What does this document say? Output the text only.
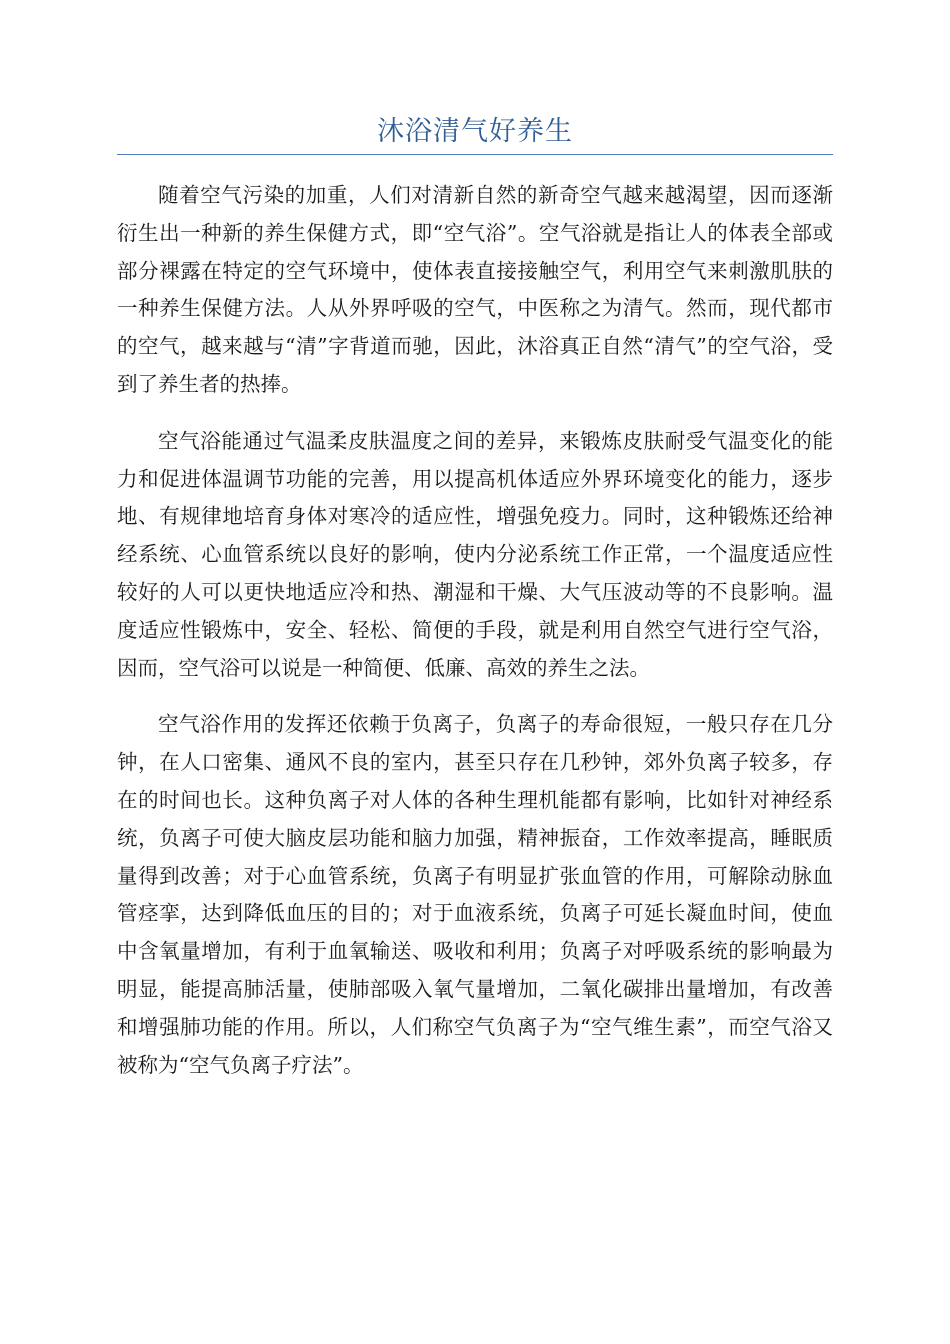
沐浴清气好养生

随着空气污染的加重，人们对清新自然的新奇空气越来越渴望，因而逐渐衍生出一种新的养生保健方式，即“空气浴”。空气浴就是指让人的体表全部或部分裸露在特定的空气环境中，使体表直接接触空气，利用空气来刺激肌肤的一种养生保健方法。人从外界呼吸的空气，中医称之为清气。然而，现代都市的空气，越来越与“清”字背道而驰，因此，沐浴真正自然“清气”的空气浴，受到了养生者的热捧。

空气浴能通过气温柔皮肤温度之间的差异，来锻炼皮肤耐受气温变化的能力和促进体温调节功能的完善，用以提高机体适应外界环境变化的能力，逐步地、有规律地培育身体对寒冷的适应性，增强免疫力。同时，这种锻炼还给神经系统、心血管系统以良好的影响，使内分泌系统工作正常，一个温度适应性较好的人可以更快地适应冷和热、潮湿和干燥、大气压波动等的不良影响。温度适应性锻炼中，安全、轻松、简便的手段，就是利用自然空气进行空气浴，因而，空气浴可以说是一种简便、低廉、高效的养生之法。

空气浴作用的发挥还依赖于负离子，负离子的寿命很短，一般只存在几分钟，在人口密集、通风不良的室内，甚至只存在几秒钟，郊外负离子较多，存在的时间也长。这种负离子对人体的各种生理机能都有影响，比如针对神经系统，负离子可使大脑皮层功能和脑力加强，精神振奋，工作效率提高，睡眠质量得到改善；对于心血管系统，负离子有明显扩张血管的作用，可解除动脉血管痉挛，达到降低血压的目的；对于血液系统，负离子可延长凝血时间，使血中含氧量增加，有利于血氧输送、吸收和利用；负离子对呼吸系统的影响最为明显，能提高肺活量，使肺部吸入氧气量增加，二氧化碳排出量增加，有改善和增强肺功能的作用。所以，人们称空气负离子为“空气维生素”，而空气浴又被称为“空气负离子疗法”。
